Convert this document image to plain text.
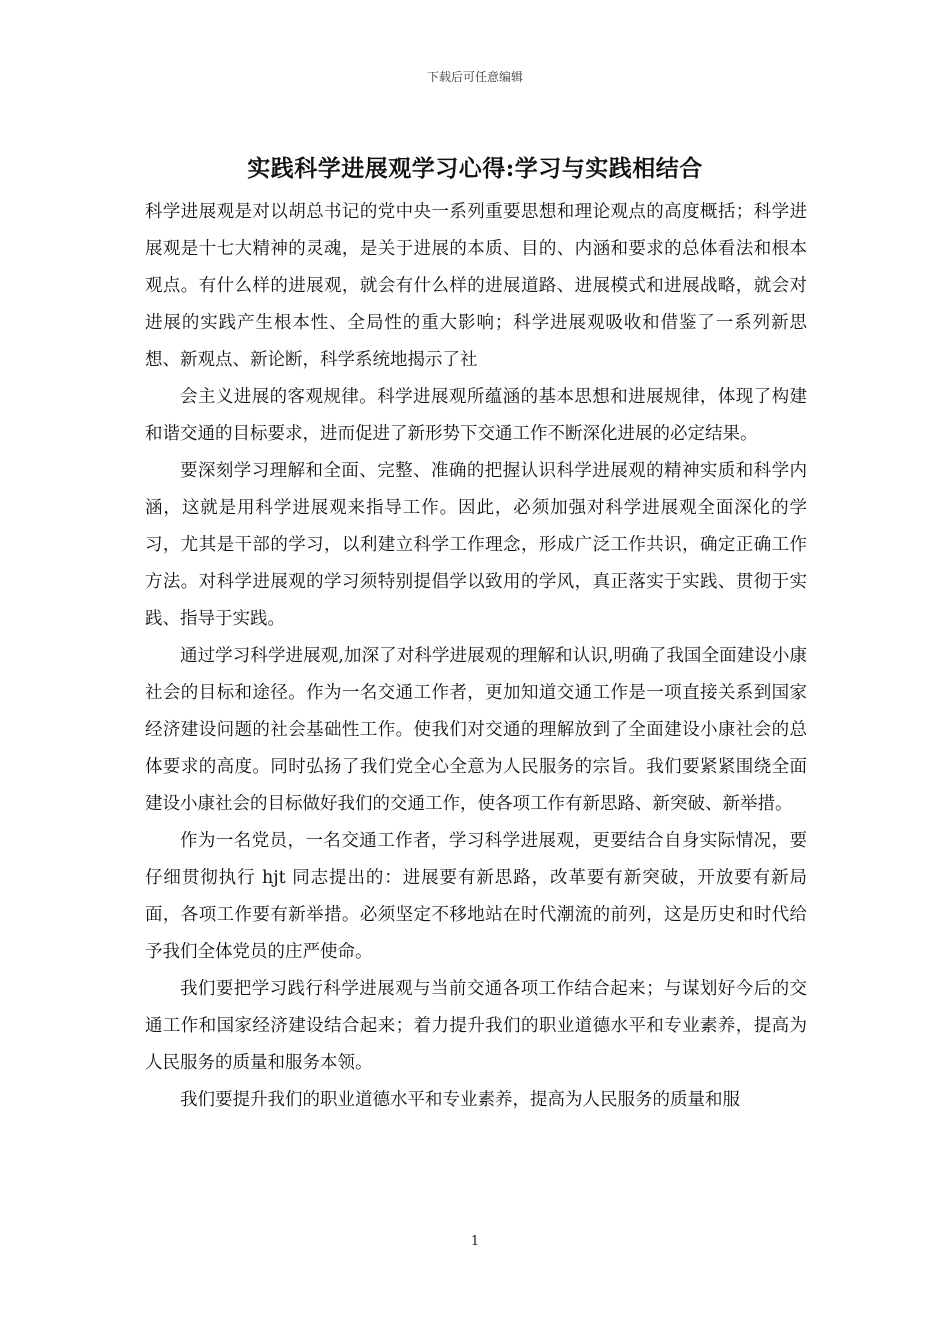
下载后可任意编辑
实践科学进展观学习心得:学习与实践相结合

科学进展观是对以胡总书记的党中央一系列重要思想和理论观点的高度概括；科学进展观是十七大精神的灵魂，是关于进展的本质、目的、内涵和要求的总体看法和根本观点。有什么样的进展观，就会有什么样的进展道路、进展模式和进展战略，就会对进展的实践产生根本性、全局性的重大影响；科学进展观吸收和借鉴了一系列新思想、新观点、新论断，科学系统地揭示了社

会主义进展的客观规律。科学进展观所蕴涵的基本思想和进展规律，体现了构建和谐交通的目标要求，进而促进了新形势下交通工作不断深化进展的必定结果。

要深刻学习理解和全面、完整、准确的把握认识科学进展观的精神实质和科学内涵，这就是用科学进展观来指导工作。因此，必须加强对科学进展观全面深化的学习，尤其是干部的学习，以利建立科学工作理念，形成广泛工作共识，确定正确工作方法。对科学进展观的学习须特别提倡学以致用的学风，真正落实于实践、贯彻于实践、指导于实践。

通过学习科学进展观,加深了对科学进展观的理解和认识,明确了我国全面建设小康社会的目标和途径。作为一名交通工作者，更加知道交通工作是一项直接关系到国家经济建设问题的社会基础性工作。使我们对交通的理解放到了全面建设小康社会的总体要求的高度。同时弘扬了我们党全心全意为人民服务的宗旨。我们要紧紧围绕全面建设小康社会的目标做好我们的交通工作，使各项工作有新思路、新突破、新举措。

作为一名党员，一名交通工作者，学习科学进展观，更要结合自身实际情况，要仔细贯彻执行 hjt 同志提出的：进展要有新思路，改革要有新突破，开放要有新局面，各项工作要有新举措。必须坚定不移地站在时代潮流的前列，这是历史和时代给予我们全体党员的庄严使命。

我们要把学习践行科学进展观与当前交通各项工作结合起来；与谋划好今后的交通工作和国家经济建设结合起来；着力提升我们的职业道德水平和专业素养，提高为人民服务的质量和服务本领。

我们要提升我们的职业道德水平和专业素养，提高为人民服务的质量和服

1
